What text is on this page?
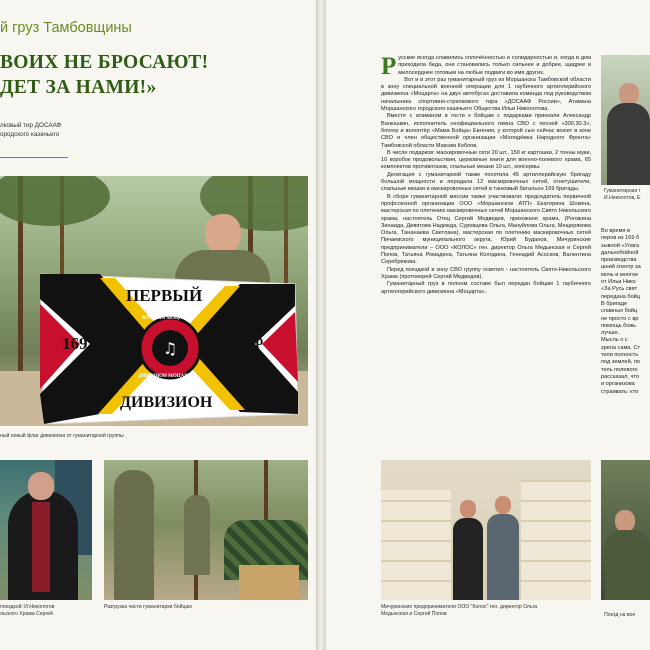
й груз Тамбовщины
ВОИХ НЕ БРОСАЮТ!
ДЕТ ЗА НАМИ!»
лковый тир ДОСААФ
ородского казачьего
♫
ПЕРВЫЙ
169	ОМСБр
ДИВИЗИОН
МУЗЫКА МОЦАРТА
ДИВИЗИОН МОЦАРТА
ный новый флаг дивизиона от гуманитарной группы
поездкой: И.Николотов
льского Храма Сергей
Разгрузка части гуманитарки бойцам

Русские всегда славились сплочённостью и солидарностью и, когда в дом приходила беда, они становились только сильнее и добрее, щедрее и милосерднее готовым на любые подвиги во имя других.

Вот и в этот раз гуманитарный груз из Моршанска Тамбовской области в зону специальной военной операции для 1 гаубичного артиллерийского дивизиона «Моцарта» на двух автобусах доставила команда под руководством начальника спортивно-стрелкового тира «ДОСААФ России», Атамана Моршанского городского казачьего Общества Ильи Николотова.

Вместе с атаманом в гости к бойцам с подарками приехали Александр Ванюшкин, исполнитель неофициального гимна СВО с песней «300.30.3», блогер и волонтёр «Мама Бойца» Евгения, у которой сын сейчас воюет в зоне СВО и член общественной организации «Молодёжка Народного Фронта» Тамбовской области Максим Коблов.

В числе подарков: маскировочные сети 20 шт., 150 кг картошки, 2 тонны муки, 10 коробок продовольствия, церковные книги для военно-полевого храма, 65 комплектов противогазов, спальные мешки 10 шт., консервы.

Делегация с гуманитаркой также посетила 45 артиллерийскую бригаду большой мощности и передала 12 маскировочных сетей, огнетушители, спальные мешки и маскировочных сетей в танковый батальон 169 бригады.

В сборе гуманитарной миссии также участвовали: председатель первичной профсоюзной организации ООО «Моршанское АТП» Екатерина Шокина, мастерская по плетению маскировочных сетей Моршанского Свято Никольского храма, настоятель Отец Сергий Медведев, прихожане храма, (Рогожина Зинаида, Девятова Надежда, Суровцева Ольга, Мануйлова Ольга, Мещерякова Ольга, Тананаева Светлана), мастерская по плетению маскировочных сетей Пичаевского муниципального округа, Юрий Буданов, Мичуринские предприниматели – ООО «КОЛОС» ген. директор Ольга Медынская и Сергей Попов, Татьяна Ромадина, Татьяна Колодина, Геннадий Асосков, Валентина Серебрякова.

Перед поездкой в зону СВО группу освятил - настоятель Свято-Никольского Храма (протоиерей Сергий Медведев).

Гуманитарный груз в полном составе был передан бойцам 1 гаубичного артиллерийского дивизиона «Моцарта».

Гуманитарная г
И.Николотов, Е
Во время в
перов из 169 б
зывной «Улага
дальнобойной
производства
шний спектр за
мочь и многое
от Ильи Нико
«За Русь свят
передана бойц
В бригаде
славных бойц
не просто с вр
помощь божь
лучше.
Мысль о с
зрела сама. Ст
тели полность
под землей, по
тель полевого
рассказал, что
и организова
страивать: кто
Мичуринские предприниматели ООО "Колос" ген. директор Ольга
Медынская и Сергей Попов	Поезд на вое
